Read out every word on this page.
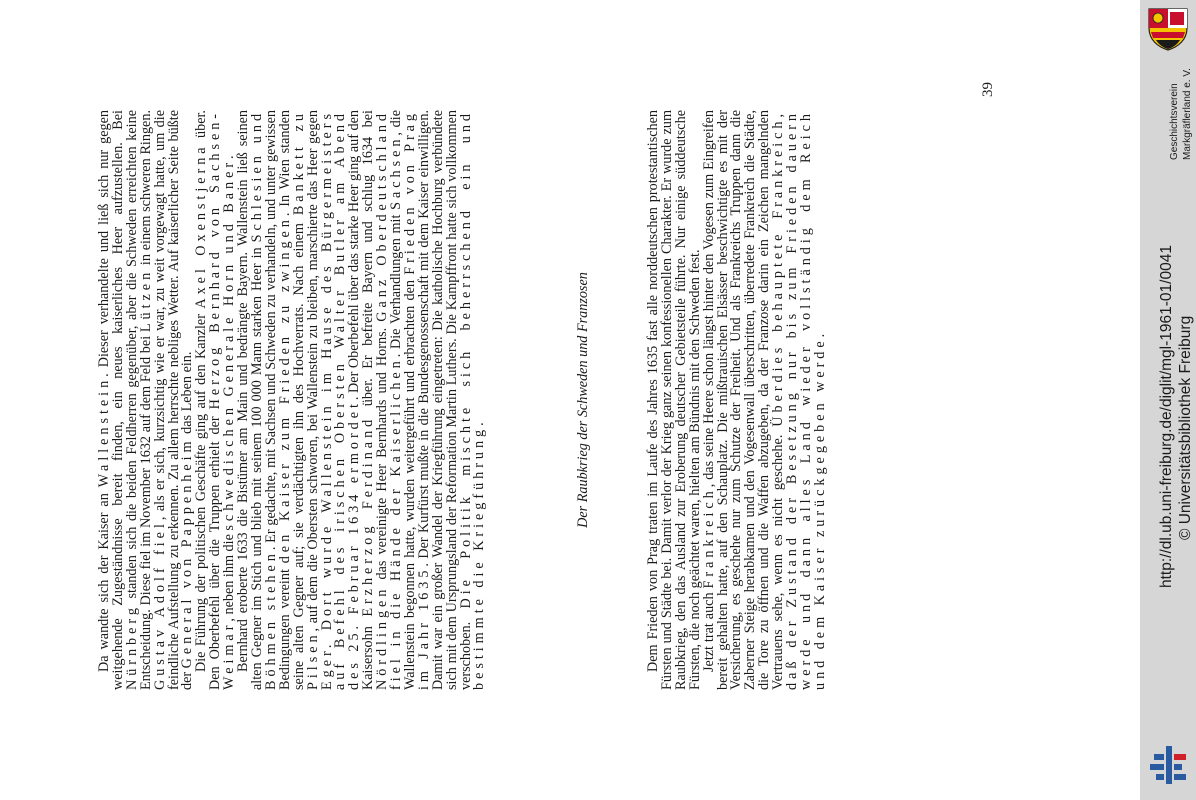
Da wandte sich der Kaiser an Wallenstein. Dieser verhandelte und ließ sich nur gegen weitgehende Zugeständnisse bereit finden, ein neues kaiserliches Heer aufzustellen. Bei Nürnberg standen sich die beiden Feldherren gegenüber, aber die Schweden erreichten keine Entscheidung. Diese fiel im November 1632 auf dem Feld bei Lützen in einem schweren Ringen. Gustav Adolf fiel, als er sich, kurzsichtig wie er war, zu weit vorgewagt hatte, um die feindliche Aufstellung zu erkennen. Zu allem herrschte nebliges Wetter. Auf kaiserlicher Seite büßte der General von Pappenheim das Leben ein.

Die Führung der politischen Geschäfte ging auf den Kanzler Axel Oxenstjerna über. Den Oberbefehl über die Truppen erhielt der Herzog Bernhard von Sachsen-Weimar, neben ihm die schwedischen Generale Horn und Baner.

Bernhard eroberte 1633 die Bistümer am Main und bedrängte Bayern. Wallenstein ließ seinen alten Gegner im Stich und blieb mit seinem 100 000 Mann starken Heer in Schlesien und Böhmen stehen. Er gedachte, mit Sachsen und Schweden zu verhandeln, und unter gewissen Bedingungen vereint den Kaiser zum Frieden zu zwingen. In Wien standen seine alten Gegner auf; sie verdächtigten ihn des Hochverrats. Nach einem Bankett zu Pilsen, auf dem die Obersten schworen, bei Wallenstein zu bleiben, marschierte das Heer gegen Eger. Dort wurde Wallenstein im Hause des Bürgermeisters auf Befehl des irischen Obersten Walter Butler am Abend des 25. Februar 1634 ermordet. Der Oberbefehl über das starke Heer ging auf den Kaisersohn Erzherzog Ferdinand über. Er befreite Bayern und schlug 1634 bei Nördlingen das vereinigte Heer Bernhards und Horns. Ganz Oberdeutschland fiel in die Hände der Kaiserlichen. Die Verhandlungen mit Sachsen, die Wallenstein begonnen hatte, wurden weitergeführt und erbrachten den Frieden von Prag im Jahr 1635. Der Kurfürst mußte in die Bundesgenossenschaft mit dem Kaiser einwilligen. Damit war ein großer Wandel der Kriegführung eingetreten: Die katholische Hochburg verbündete sich mit dem Ursprungsland der Reformation Martin Luthers. Die Kampffront hatte sich vollkommen verschoben. Die Politik mischte sich beherrschend ein und bestimmte die Kriegführung.	Der Raubkrieg der Schweden und Franzosen	Dem Frieden von Prag traten im Laufe des Jahres 1635 fast alle norddeutschen protestantischen Fürsten und Städte bei. Damit verlor der Krieg ganz seinen konfessionellen Charakter. Er wurde zum Raubkrieg, den das Ausland zur Eroberung deutscher Gebietsteile führte. Nur einige süddeutsche Fürsten, die noch geächtet waren, hielten am Bündnis mit den Schweden fest.

Jetzt trat auch Frankreich, das seine Heere schon längst hinter den Vogesen zum Eingreifen bereit gehalten hatte, auf den Schauplatz. Die mißtrauischen Elsässer beschwichtigte es mit der Versicherung, es geschehe nur zum Schutze der Freiheit. Und als Frankreichs Truppen dann die Zaberner Steige herabkamen und den Vogesenwall überschritten, überredete Frankreich die Städte, die Tore zu öffnen und die Waffen abzugeben, da der Franzose darin ein Zeichen mangelnden Vertrauens sehe, wenn es nicht geschehe. Überdies behauptete Frankreich, daß der Zustand der Besetzung nur bis zum Frieden dauern werde und dann alles Land wieder vollständig dem Reich und dem Kaiser zurückgegeben werde.

39	Geschichtsverein Markgräflerland e. V.
http://dl.ub.uni-freiburg.de/diglit/mgl-1961-01/0041 © Universitätsbibliothek Freiburg
